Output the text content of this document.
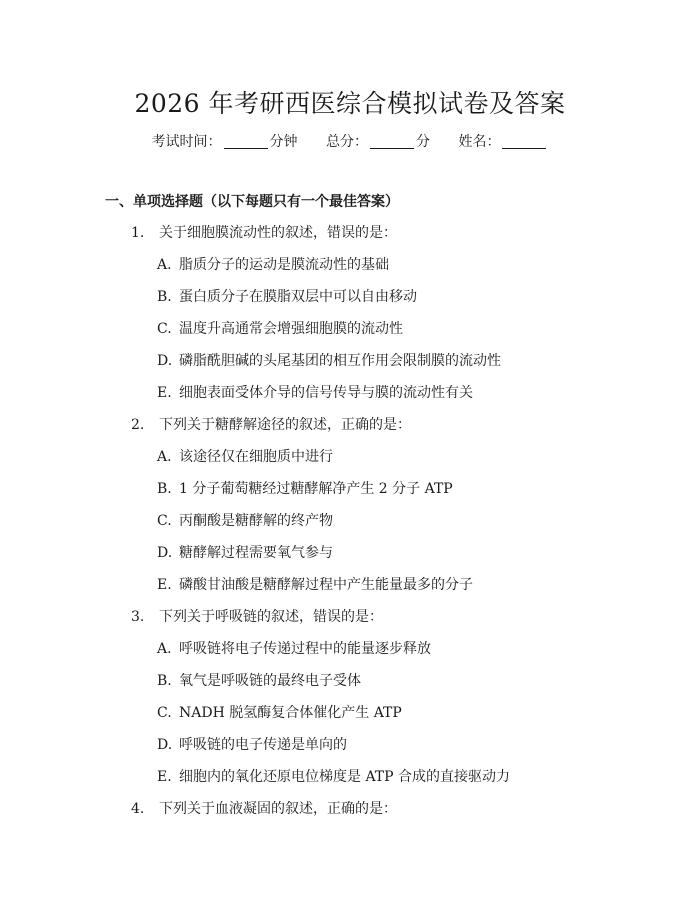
2026 年考研西医综合模拟试卷及答案
考试时间：	分钟 总分：	分 姓名：
一、单项选择题（以下每题只有一个最佳答案）
1. 关于细胞膜流动性的叙述，错误的是：
A. 脂质分子的运动是膜流动性的基础
B. 蛋白质分子在膜脂双层中可以自由移动
C. 温度升高通常会增强细胞膜的流动性
D. 磷脂酰胆碱的头尾基团的相互作用会限制膜的流动性
E. 细胞表面受体介导的信号传导与膜的流动性有关
2. 下列关于糖酵解途径的叙述，正确的是：
A. 该途径仅在细胞质中进行
B. 1 分子葡萄糖经过糖酵解净产生 2 分子 ATP
C. 丙酮酸是糖酵解的终产物
D. 糖酵解过程需要氧气参与
E. 磷酸甘油酸是糖酵解过程中产生能量最多的分子
3. 下列关于呼吸链的叙述，错误的是：
A. 呼吸链将电子传递过程中的能量逐步释放
B. 氧气是呼吸链的最终电子受体
C. NADH 脱氢酶复合体催化产生 ATP
D. 呼吸链的电子传递是单向的
E. 细胞内的氧化还原电位梯度是 ATP 合成的直接驱动力
4. 下列关于血液凝固的叙述，正确的是：
